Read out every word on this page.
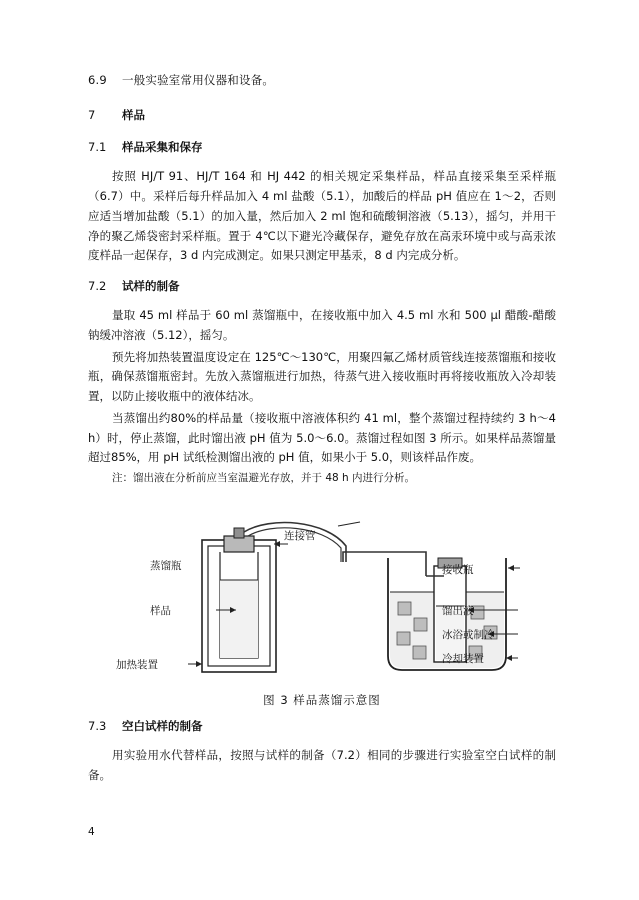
6.9 一般实验室常用仪器和设备。
7 样品
7.1 样品采集和保存

按照 HJ/T 91、HJ/T 164 和 HJ 442 的相关规定采集样品，样品直接采集至采样瓶（6.7）中。采样后每升样品加入 4 ml 盐酸（5.1），加酸后的样品 pH 值应在 1～2，否则应适当增加盐酸（5.1）的加入量，然后加入 2 ml 饱和硫酸铜溶液（5.13），摇匀，并用干净的聚乙烯袋密封采样瓶。置于 4℃以下避光冷藏保存，避免存放在高汞环境中或与高汞浓度样品一起保存，3 d 内完成测定。如果只测定甲基汞，8 d 内完成分析。

7.2 试样的制备

量取 45 ml 样品于 60 ml 蒸馏瓶中，在接收瓶中加入 4.5 ml 水和 500 μl 醋酸-醋酸钠缓冲溶液（5.12），摇匀。

预先将加热装置温度设定在 125℃～130℃，用聚四氟乙烯材质管线连接蒸馏瓶和接收瓶，确保蒸馏瓶密封。先放入蒸馏瓶进行加热，待蒸气进入接收瓶时再将接收瓶放入冷却装置，以防止接收瓶中的液体结冰。

当蒸馏出约80%的样品量（接收瓶中溶液体积约 41 ml，整个蒸馏过程持续约 3 h～4 h）时，停止蒸馏，此时馏出液 pH 值为 5.0～6.0。蒸馏过程如图 3 所示。如果样品蒸馏量超过85%，用 pH 试纸检测馏出液的 pH 值，如果小于 5.0，则该样品作废。

注：馏出液在分析前应当室温避光存放，并于 48 h 内进行分析。

连接管
蒸馏瓶	接收瓶
样品	馏出液
冰浴或制冷
加热装置	冷却装置
图 3 样品蒸馏示意图
7.3 空白试样的制备

用实验用水代替样品，按照与试样的制备（7.2）相同的步骤进行实验室空白试样的制备。

4
